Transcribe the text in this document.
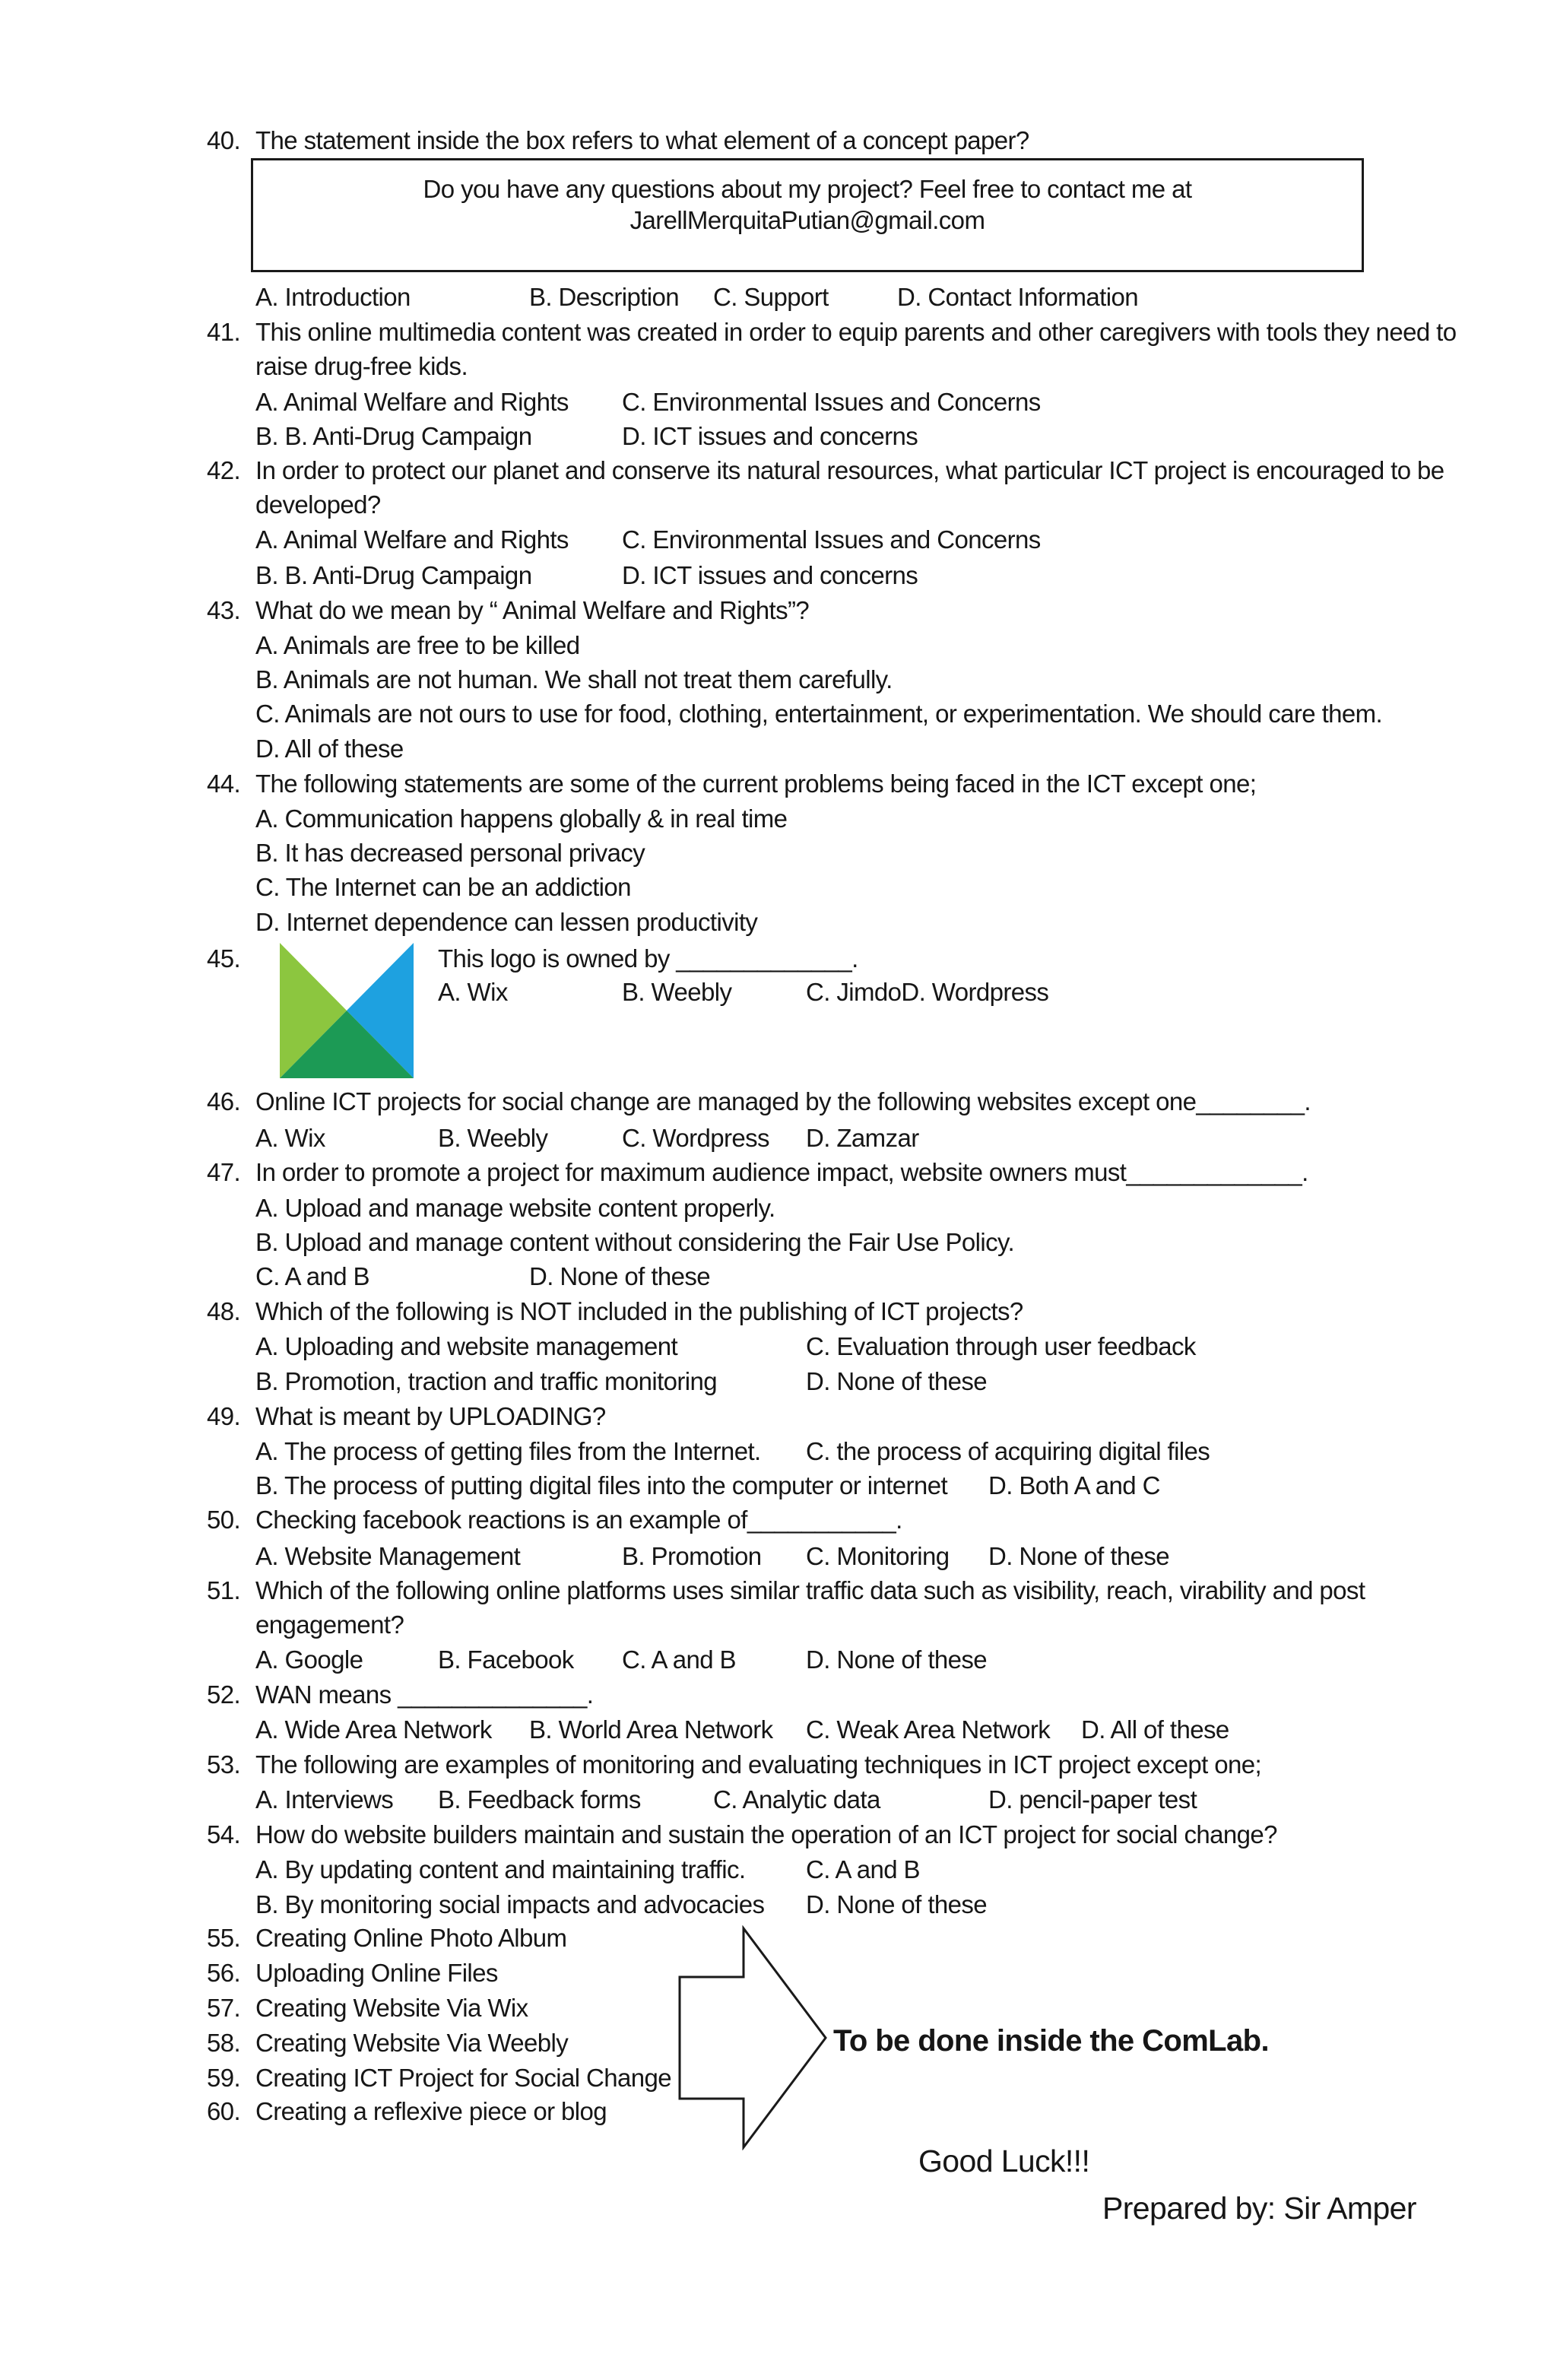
40. The statement inside the box refers to what element of a concept paper?
Do you have any questions about my project? Feel free to contact me at
JarellMerquitaPutian@gmail.com
A. Introduction	B. Description C. Support	D. Contact Information
41. This online multimedia content was created in order to equip parents and other caregivers with tools they need to
raise drug-free kids.
A. Animal Welfare and Rights C. Environmental Issues and Concerns
B. B. Anti-Drug Campaign	D. ICT issues and concerns
42. In order to protect our planet and conserve its natural resources, what particular ICT project is encouraged to be
developed?
A. Animal Welfare and Rights C. Environmental Issues and Concerns
B. B. Anti-Drug Campaign	D. ICT issues and concerns
43. What do we mean by “ Animal Welfare and Rights”?
A. Animals are free to be killed
B. Animals are not human. We shall not treat them carefully.
C. Animals are not ours to use for food, clothing, entertainment, or experimentation. We should care them.
D. All of these
44. The following statements are some of the current problems being faced in the ICT except one;
A. Communication happens globally & in real time
B. It has decreased personal privacy
C. The Internet can be an addiction
D. Internet dependence can lessen productivity
45.	This logo is owned by _____________.
A. Wix	B. Weebly	C. JimdoD. Wordpress
46. Online ICT projects for social change are managed by the following websites except one________.
A. Wix	B. Weebly	C. Wordpress D. Zamzar
47. In order to promote a project for maximum audience impact, website owners must_____________.
A. Upload and manage website content properly.
B. Upload and manage content without considering the Fair Use Policy.
C. A and B	D. None of these
48. Which of the following is NOT included in the publishing of ICT projects?
A. Uploading and website management	C. Evaluation through user feedback
B. Promotion, traction and traffic monitoring	D. None of these
49. What is meant by UPLOADING?
A. The process of getting files from the Internet. C. the process of acquiring digital files
B. The process of putting digital files into the computer or internet D. Both A and C
50. Checking facebook reactions is an example of___________.
A. Website Management	B. Promotion C. Monitoring D. None of these
51. Which of the following online platforms uses similar traffic data such as visibility, reach, virability and post
engagement?
A. Google	B. Facebook C. A and B	D. None of these
52. WAN means ______________.
A. Wide Area Network B. World Area Network C. Weak Area Network D. All of these
53. The following are examples of monitoring and evaluating techniques in ICT project except one;
A. Interviews B. Feedback forms	C. Analytic data	D. pencil-paper test
54. How do website builders maintain and sustain the operation of an ICT project for social change?
A. By updating content and maintaining traffic. C. A and B
B. By monitoring social impacts and advocacies D. None of these
55. Creating Online Photo Album
56. Uploading Online Files
57. Creating Website Via Wix
58. Creating Website Via Weebly
59. Creating ICT Project for Social Change
60. Creating a reflexive piece or blog
To be done inside the ComLab.
Good Luck!!!
Prepared by: Sir Amper
